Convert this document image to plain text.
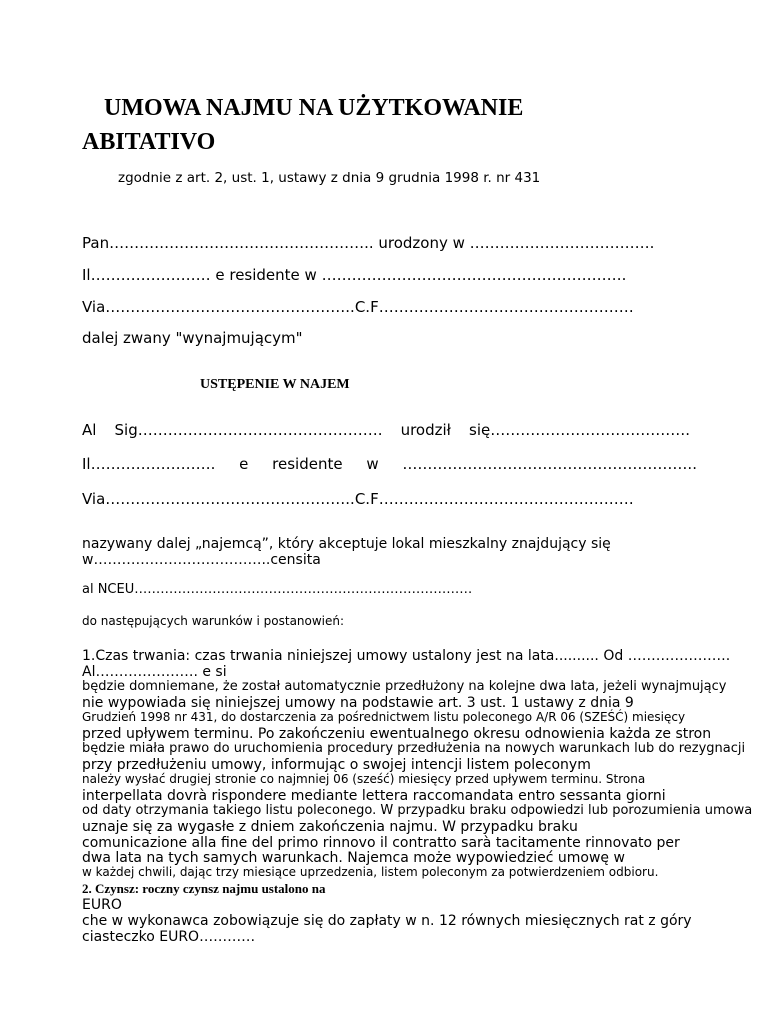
UMOWA NAJMU NA UŻYTKOWANIE
ABITATIVO
zgodnie z art. 2, ust. 1, ustawy z dnia 9 grudnia 1998 r. nr 431
Pan…………………………………………….. urodzony w ……………………………….
Il…………………… e residente w …………………………………………………….
Via…………………………………………..C.F……………………………………………
dalej zwany "wynajmującym"
USTĘPENIE W NAJEM
Al Sig…………………………………………. urodził się………………………………….
Il……………………. e residente w …………………………………………………..
Via…………………………………………..C.F……………………………………………
nazywany dalej „najemcą”, który akceptuje lokal mieszkalny znajdujący się
w………………………………..censita
al NCEU……………………………………………………………………
do następujących warunków i postanowień:
1.Czas trwania: czas trwania niniejszej umowy ustalony jest na lata.......... Od ………………….
Al…………………. e si
będzie domniemane, że został automatycznie przedłużony na kolejne dwa lata, jeżeli wynajmujący
nie wypowiada się niniejszej umowy na podstawie art. 3 ust. 1 ustawy z dnia 9
Grudzień 1998 nr 431, do dostarczenia za pośrednictwem listu poleconego A/R 06 (SZEŚĆ) miesięcy
przed upływem terminu. Po zakończeniu ewentualnego okresu odnowienia każda ze stron
będzie miała prawo do uruchomienia procedury przedłużenia na nowych warunkach lub do rezygnacji
przy przedłużeniu umowy, informując o swojej intencji listem poleconym
należy wysłać drugiej stronie co najmniej 06 (sześć) miesięcy przed upływem terminu. Strona
interpellata dovrà rispondere mediante lettera raccomandata entro sessanta giorni
od daty otrzymania takiego listu poleconego. W przypadku braku odpowiedzi lub porozumienia umowa
uznaje się za wygasłe z dniem zakończenia najmu. W przypadku braku
comunicazione alla fine del primo rinnovo il contratto sarà tacitamente rinnovato per
dwa lata na tych samych warunkach. Najemca może wypowiedzieć umowę w
w każdej chwili, dając trzy miesiące uprzedzenia, listem poleconym za potwierdzeniem odbioru.
2. Czynsz: roczny czynsz najmu ustalono na
EURO
che w wykonawca zobowiązuje się do zapłaty w n. 12 równych miesięcznych rat z góry
ciasteczko EURO…………
